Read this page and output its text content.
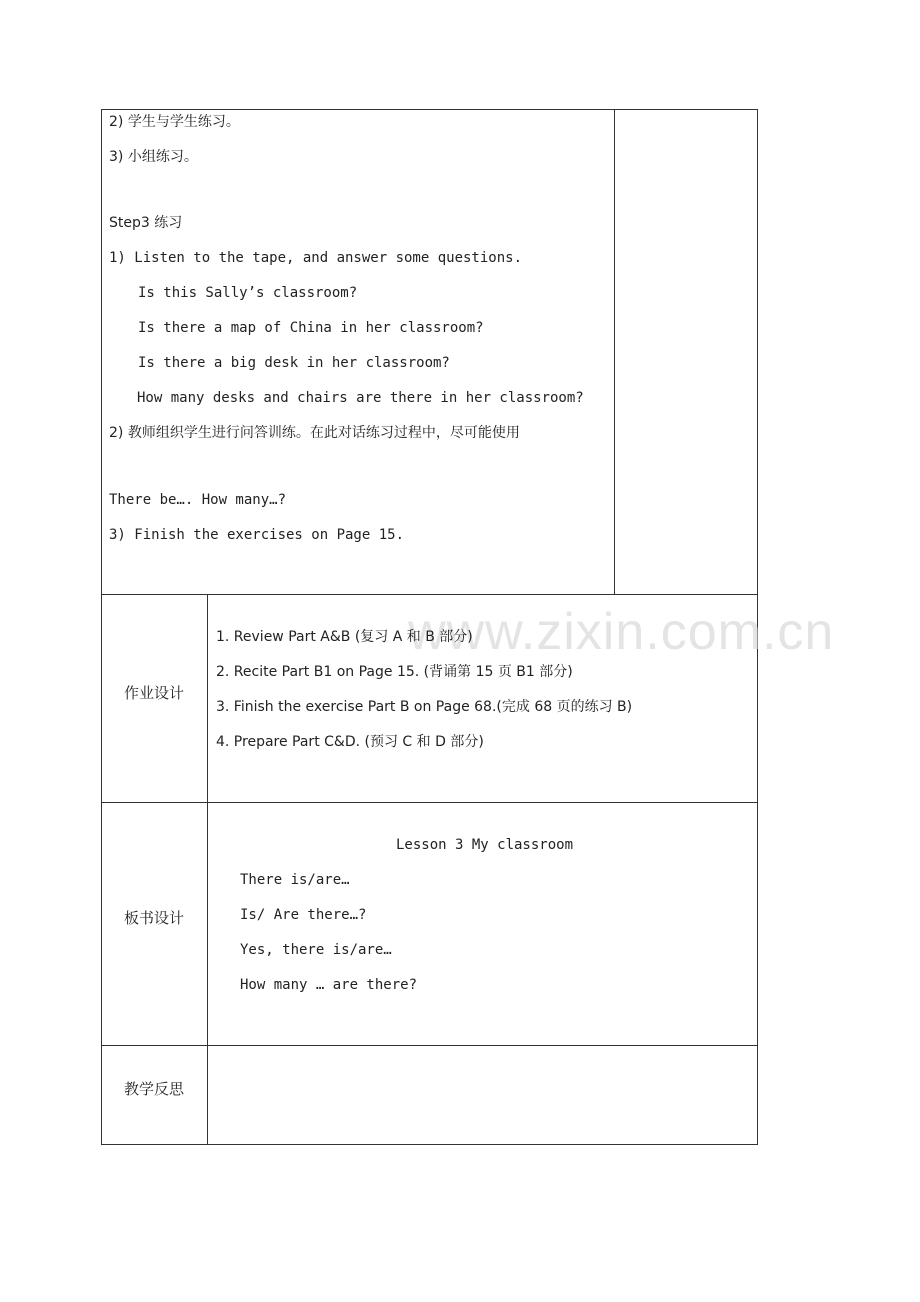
2) 学生与学生练习。
3) 小组练习。
Step3 练习
1) Listen to the tape, and answer some questions.
Is this Sally’s classroom?
Is there a map of China in her classroom?
Is there a big desk in her classroom?
How many desks and chairs are there in her classroom?
2) 教师组织学生进行问答训练。在此对话练习过程中，尽可能使用
There be…. How many…?
3) Finish the exercises on Page 15.
www.zixin.com.cn
作业设计
1. Review Part A&B (复习 A 和 B 部分)
2. Recite Part B1 on Page 15. (背诵第 15 页 B1 部分)
3. Finish the exercise Part B on Page 68.(完成 68 页的练习 B)
4. Prepare Part C&D. (预习 C 和 D 部分)
板书设计
Lesson 3 My classroom
There is/are…
Is/ Are there…?
Yes, there is/are…
How many … are there?
教学反思
